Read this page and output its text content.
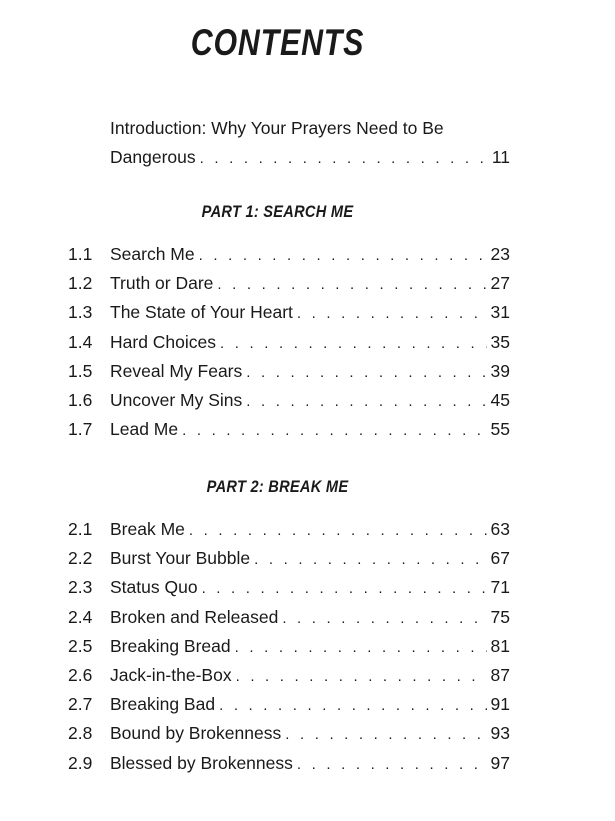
CONTENTS
Introduction: Why Your Prayers Need to Be
Dangerous . . .	11
PART 1: SEARCH ME
1.1	Search Me . . .	23
1.2	Truth or Dare . . .	27
1.3	The State of Your Heart . . .	31
1.4	Hard Choices . . .	35
1.5	Reveal My Fears . . .	39
1.6	Uncover My Sins . . .	45
1.7	Lead Me . . .	55
PART 2: BREAK ME
2.1	Break Me . . .	63
2.2	Burst Your Bubble . . .	67
2.3	Status Quo . . .	71
2.4	Broken and Released . . .	75
2.5	Breaking Bread . . .	81
2.6	Jack-in-the-Box . . .	87
2.7	Breaking Bad . . .	91
2.8	Bound by Brokenness . . .	93
2.9	Blessed by Brokenness . . .	97
